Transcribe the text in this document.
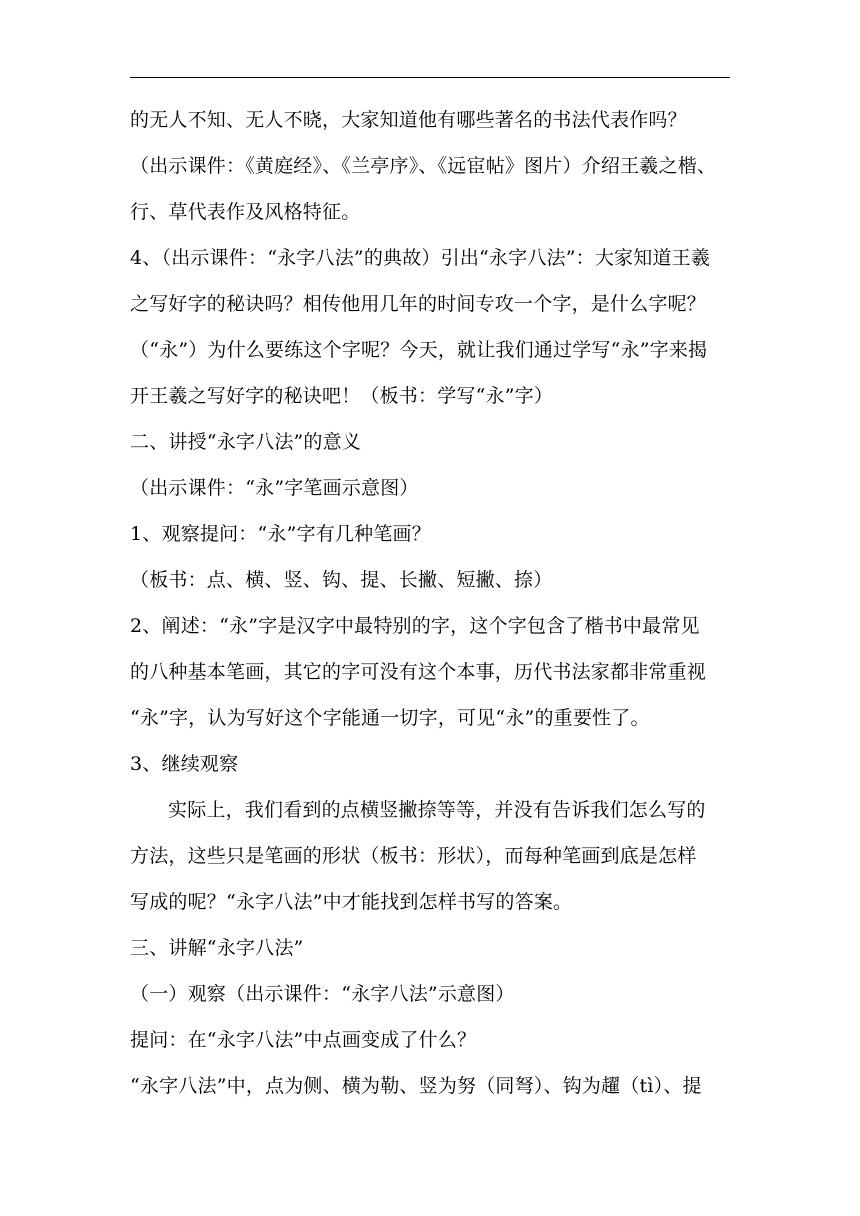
的无人不知、无人不晓，大家知道他有哪些著名的书法代表作吗？
（出示课件：《黄庭经》、《兰亭序》、《远宦帖》图片）介绍王羲之楷、
行、草代表作及风格特征。
4、（出示课件：“永字八法”的典故）引出“永字八法”：大家知道王羲
之写好字的秘诀吗？相传他用几年的时间专攻一个字，是什么字呢？
（“永”）为什么要练这个字呢？今天，就让我们通过学写“永”字来揭
开王羲之写好字的秘诀吧！（板书：学写“永”字）
二、讲授“永字八法”的意义
（出示课件：“永”字笔画示意图）
1、观察提问：“永”字有几种笔画？
（板书：点、横、竖、钩、提、长撇、短撇、捺）
2、阐述：“永”字是汉字中最特别的字，这个字包含了楷书中最常见
的八种基本笔画，其它的字可没有这个本事，历代书法家都非常重视
“永”字，认为写好这个字能通一切字，可见“永”的重要性了。
3、继续观察
实际上，我们看到的点横竖撇捺等等，并没有告诉我们怎么写的
方法，这些只是笔画的形状（板书：形状），而每种笔画到底是怎样
写成的呢？“永字八法”中才能找到怎样书写的答案。
三、讲解“永字八法”
（一）观察（出示课件：“永字八法”示意图）
提问：在“永字八法”中点画变成了什么？
“永字八法”中，点为侧、横为勒、竖为努（同弩）、钩为趯（tì）、提
